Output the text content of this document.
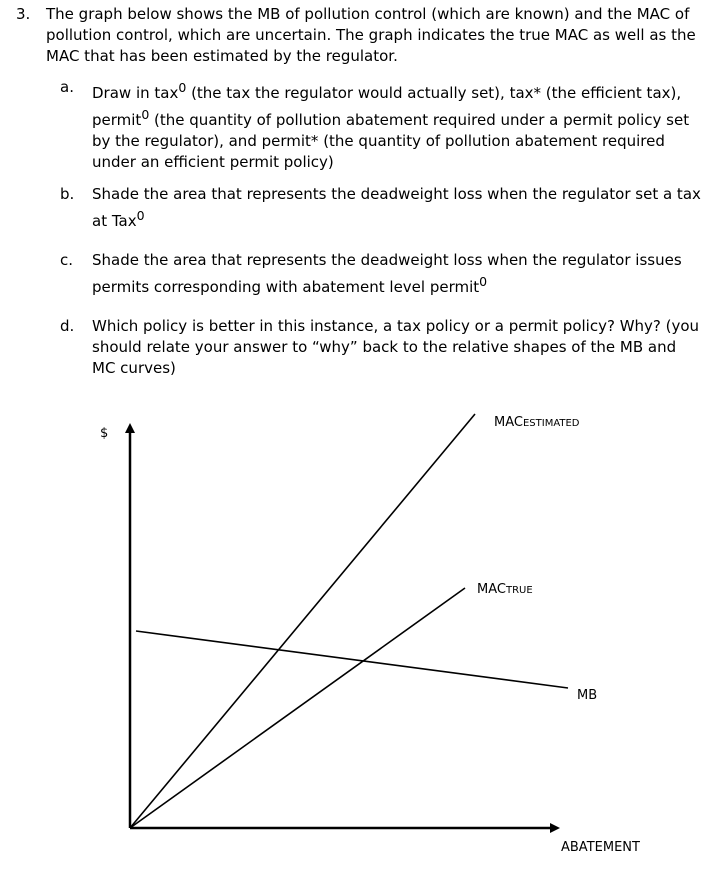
3. The graph below shows the MB of pollution control (which are known) and the MAC of pollution control, which are uncertain. The graph indicates the true MAC as well as the MAC that has been estimated by the regulator.
a. Draw in tax$^0$ (the tax the regulator would actually set), tax* (the efficient tax), permit$^0$ (the quantity of pollution abatement required under a permit policy set by the regulator), and permit* (the quantity of pollution abatement required under an efficient permit policy)
b. Shade the area that represents the deadweight loss when the regulator set a tax at Tax$^0$
c. Shade the area that represents the deadweight loss when the regulator issues permits corresponding with abatement level permit$^0$
d. Which policy is better in this instance, a tax policy or a permit policy? Why? (you should relate your answer to “why” back to the relative shapes of the MB and MC curves)
$
ABATEMENT
MACESTIMATED
MACTRUE
MB
